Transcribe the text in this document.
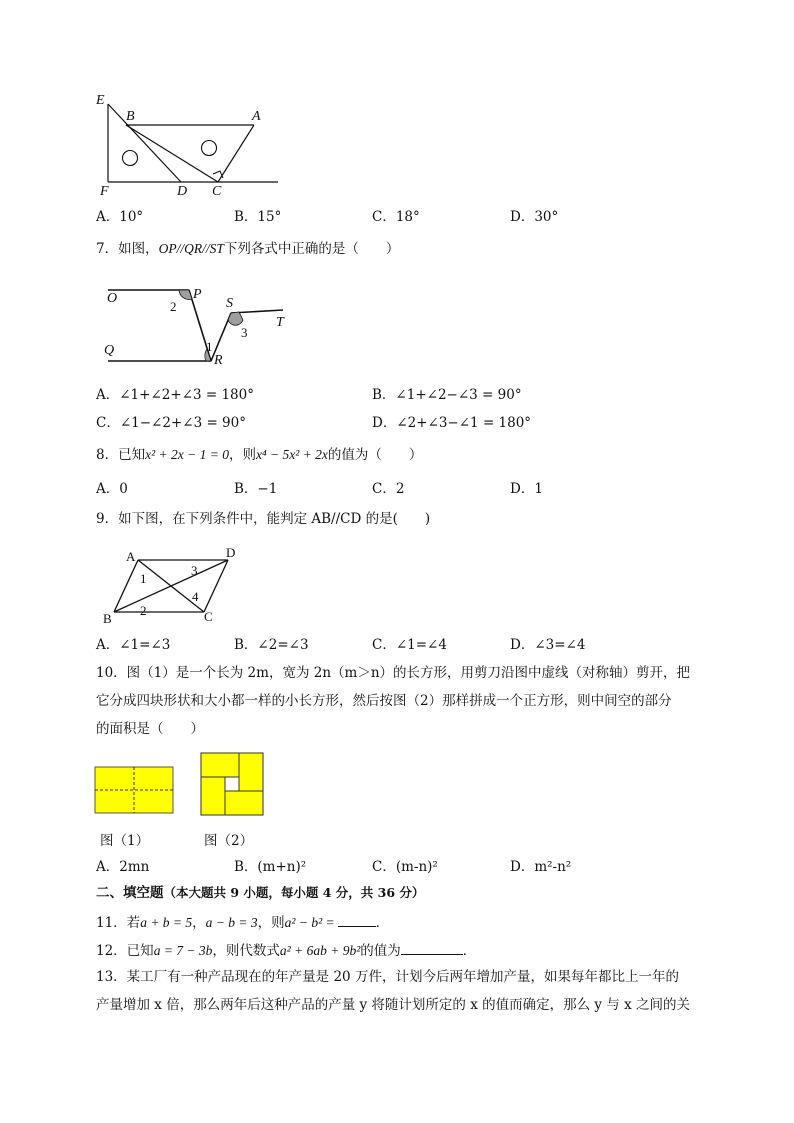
E
B	A
F	D C
A．10°	B．15°	C．18°	D．30°
7．如图，OP//QR//ST下列各式中正确的是（　　）
O	P
2	S
T
3
Q	1
R
A．∠1+∠2+∠3 = 180°	B．∠1+∠2−∠3 = 90°
C．∠1−∠2+∠3 = 90°	D．∠2+∠3−∠1 = 180°
8．已知x² + 2x − 1 = 0，则x⁴ − 5x² + 2x的值为（　　）
A．0	B．−1	C．2	D．1
9．如下图，在下列条件中，能判定 AB//CD 的是(　　)
A	D
1
3
4
2
B	C
A．∠1=∠3	B．∠2=∠3	C．∠1=∠4	D．∠3=∠4
10．图（1）是一个长为 2m，宽为 2n（m＞n）的长方形，用剪刀沿图中虚线（对称轴）剪开，把
它分成四块形状和大小都一样的小长方形，然后按图（2）那样拼成一个正方形，则中间空的部分
的面积是（　　）
图（1）	图（2）
A．2mn	B．(m+n)²	C．(m-n)²	D．m²-n²
二、填空题（本大题共 9 小题，每小题 4 分，共 36 分）
11．若a + b = 5，a − b = 3，则a² − b² =	．
12．已知a = 7 − 3b，则代数式a² + 6ab + 9b²的值为	．
13．某工厂有一种产品现在的年产量是 20 万件，计划今后两年增加产量，如果每年都比上一年的
产量增加 x 倍，那么两年后这种产品的产量 y 将随计划所定的 x 的值而确定，那么 y 与 x 之间的关
